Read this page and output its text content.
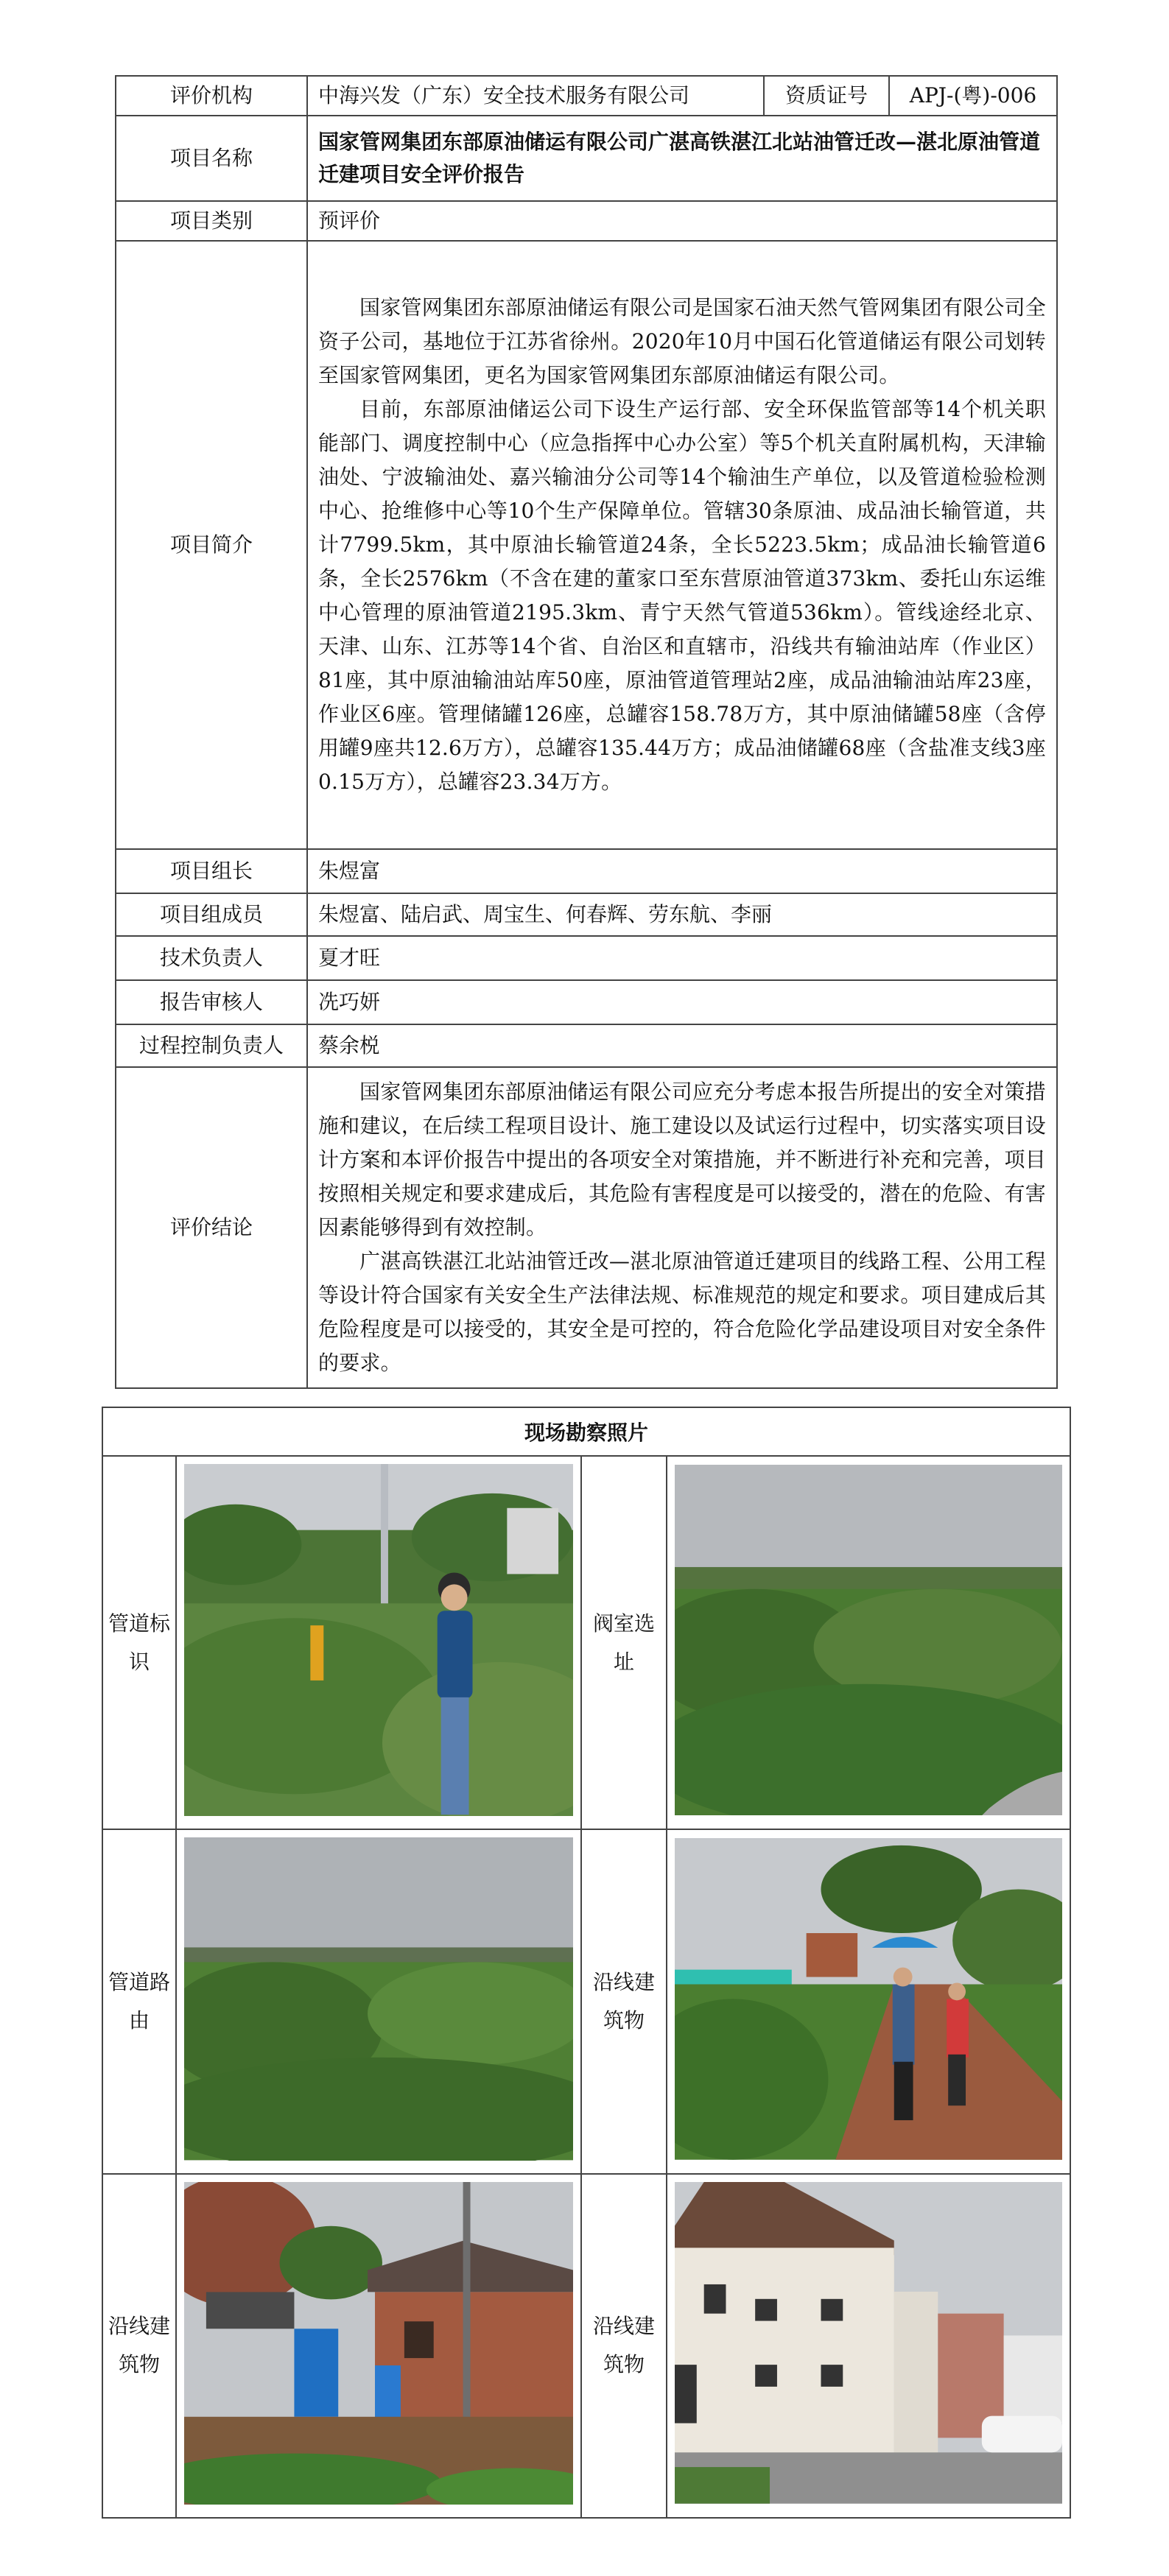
评价机构	中海兴发（广东）安全技术服务有限公司	资质证号	APJ-(粤)-006
项目名称	国家管网集团东部原油储运有限公司广湛高铁湛江北站油管迁改—湛北原油管道迁建项目安全评价报告		
项目类别	预评价		
项目简介	国家管网集团东部原油储运有限公司是国家石油天然气管网集团有限公司全资子公司，基地位于江苏省徐州。2020年10月中国石化管道储运有限公司划转至国家管网集团，更名为国家管网集团东部原油储运有限公司。

目前，东部原油储运公司下设生产运行部、安全环保监管部等14个机关职能部门、调度控制中心（应急指挥中心办公室）等5个机关直附属机构，天津输油处、宁波输油处、嘉兴输油分公司等14个输油生产单位，以及管道检验检测中心、抢维修中心等10个生产保障单位。管辖30条原油、成品油长输管道，共计7799.5km，其中原油长输管道24条，全长5223.5km；成品油长输管道6条，全长2576km（不含在建的董家口至东营原油管道373km、委托山东运维中心管理的原油管道2195.3km、青宁天然气管道536km）。管线途经北京、天津、山东、江苏等14个省、自治区和直辖市，沿线共有输油站库（作业区）81座，其中原油输油站库50座，原油管道管理站2座，成品油输油站库23座，作业区6座。管理储罐126座，总罐容158.78万方，其中原油储罐58座（含停用罐9座共12.6万方），总罐容135.44万方；成品油储罐68座（含盐准支线3座0.15万方），总罐容23.34万方。		

项目组长	朱煜富		
项目组成员	朱煜富、陆启武、周宝生、何春辉、劳东航、李丽		
技术负责人	夏才旺		
报告审核人	冼巧妍		
过程控制负责人	蔡余棁		
评价结论	国家管网集团东部原油储运有限公司应充分考虑本报告所提出的安全对策措施和建议，在后续工程项目设计、施工建设以及试运行过程中，切实落实项目设计方案和本评价报告中提出的各项安全对策措施，并不断进行补充和完善，项目按照相关规定和要求建成后，其危险有害程度是可以接受的，潜在的危险、有害因素能够得到有效控制。

广湛高铁湛江北站油管迁改—湛北原油管道迁建项目的线路工程、公用工程等设计符合国家有关安全生产法律法规、标准规范的规定和要求。项目建成后其危险程度是可以接受的，其安全是可控的，符合危险化学品建设项目对安全条件的要求。		

现场勘察照片			
管道标识		阀室选址	

管道路由		沿线建筑物	

沿线建筑物		沿线建筑物	
